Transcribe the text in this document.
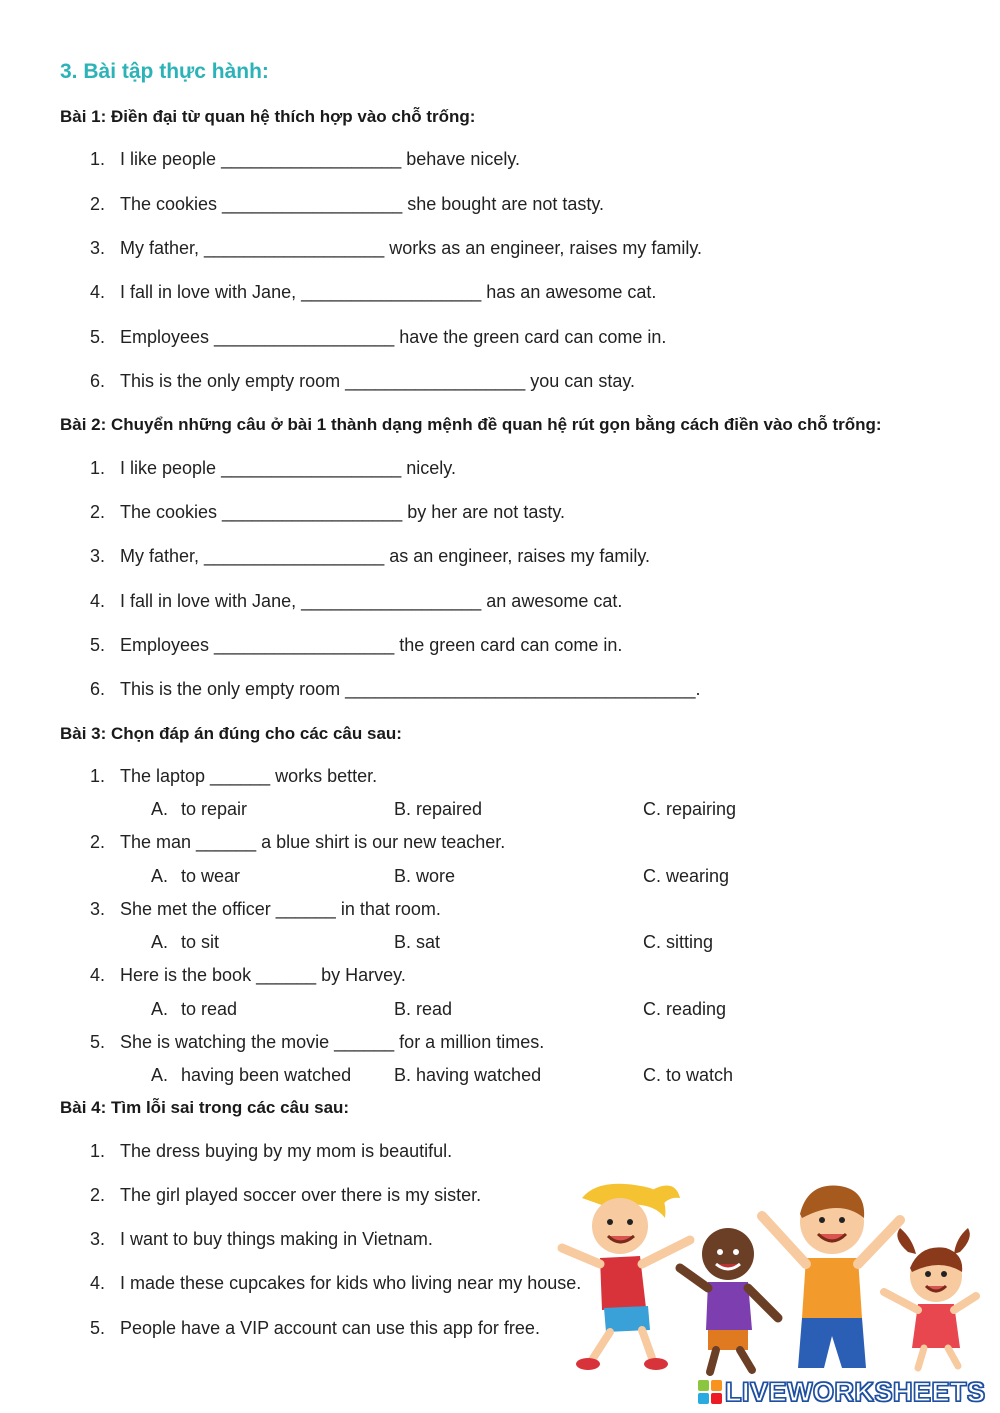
3. Bài tập thực hành:
Bài 1: Điền đại từ quan hệ thích hợp vào chỗ trống:
1. I like people __________________ behave nicely.
2. The cookies __________________ she bought are not tasty.
3. My father, __________________ works as an engineer, raises my family.
4. I fall in love with Jane, __________________ has an awesome cat.
5. Employees __________________ have the green card can come in.
6. This is the only empty room __________________ you can stay.
Bài 2: Chuyển những câu ở bài 1 thành dạng mệnh đề quan hệ rút gọn bằng cách điền vào chỗ trống:
1. I like people __________________ nicely.
2. The cookies __________________ by her are not tasty.
3. My father, __________________ as an engineer, raises my family.
4. I fall in love with Jane, __________________ an awesome cat.
5. Employees __________________ the green card can come in.
6. This is the only empty room ___________________________________.
Bài 3: Chọn đáp án đúng cho các câu sau:
1. The laptop ______ works better.
A. to repair	B. repaired	C. repairing
2. The man ______ a blue shirt is our new teacher.
A. to wear	B. wore	C. wearing
3. She met the officer ______ in that room.
A. to sit	B. sat	C. sitting
4. Here is the book ______ by Harvey.
A. to read	B. read	C. reading
5. She is watching the movie ______ for a million times.
A. having been watched B. having watched	C. to watch
Bài 4: Tìm lỗi sai trong các câu sau:
1. The dress buying by my mom is beautiful.
2. The girl played soccer over there is my sister.
3. I want to buy things making in Vietnam.
4. I made these cupcakes for kids who living near my house.
5. People have a VIP account can use this app for free.
LIVEWORKSHEETS
